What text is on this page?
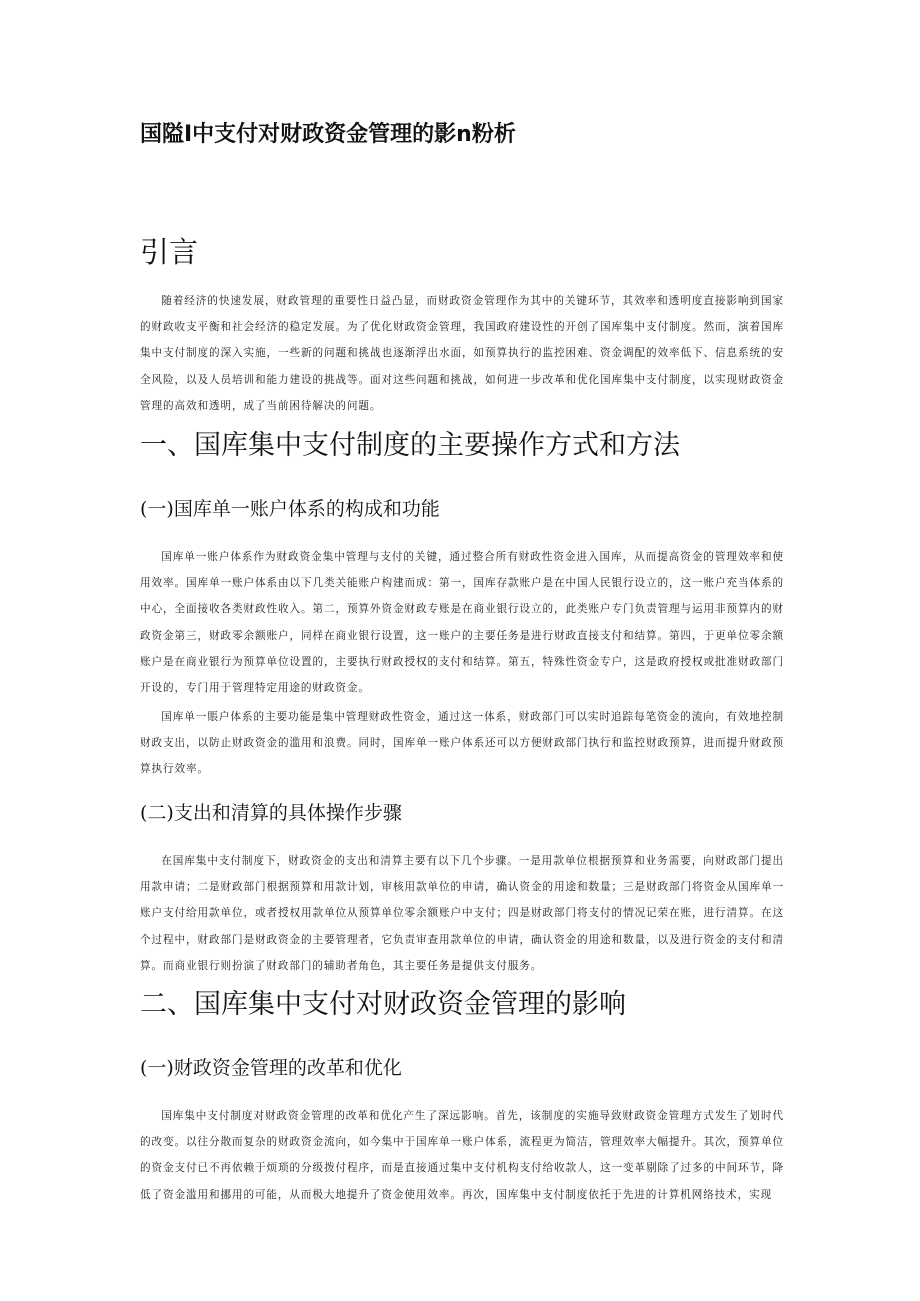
国隘Ⅰ中支付对财政资金管理的影n粉析
引言

随着经济的快速发展，财政管理的重要性日益凸显，而财政资金管理作为其中的关键环节，其效率和透明度直接影响到国家的财政收支平衡和社会经济的稳定发展。为了优化财政资金管理，我国政府建设性的开创了国库集中支付制度。然而，演着国库集中支付制度的深入实施，一些新的问题和挑战也逐渐浮出水面，如预算执行的监控困难、资金调配的效率低下、信息系统的安全风险，以及人员培训和能力建设的挑战等。面对这些问题和挑战，如何进一步改革和优化国库集中支付制度，以实现财政资金管理的高效和透明，成了当前困待解决的问题。

一、国库集中支付制度的主要操作方式和方法
(一)国库单一账户体系的构成和功能

国库单一账户体系作为财政资金集中管理与支付的关键，通过整合所有财政性资金进入国库，从而提高资金的管理效率和使用效率。国库单一账户体系由以下几类关能账户构建而成：第一，国库存款账户是在中国人民银行设立的，这一账户充当体系的中心，全面接收各类财政性收入。第二，预算外资金财政专账是在商业银行设立的，此类账户专门负责管理与运用非预算内的财政资金第三，财政零余额账户，同样在商业银行设置，这一账户的主要任务是进行财政直接支付和结算。第四，于更单位零余额账户是在商业银行为预算单位设置的，主要执行财政授权的支付和结算。第五，特殊性资金专户，这是政府授权或批准财政部门开设的，专门用于管理特定用途的财政资金。

国库单一賬户体系的主要功能是集中管理财政性资金，通过这一体系，财政部门可以实时追踪每笔资金的流向，有效地控制财政支出，以防止财政资金的滥用和浪费。同时，国库单一账户体系还可以方便财政部门执行和监控财政预算，进而提升财政预算执行效率。

(二)支出和清算的具体操作步骤

在国库集中支付制度下，财政资金的支出和清算主要有以下几个步骤。一是用款单位根据预算和业务需要，向财政部门提出用款申请；二是财政部门根据预算和用款计划，审核用款单位的申请，确认资金的用途和数量；三是财政部门将资金从国库单一账户支付给用款单位，或者授权用款单位从预算单位零余额账户中支付；四是财政部门将支付的情况记荣在账，进行清算。在这个过程中，财政部门是财政资金的主要管理者，它负责审查用款单位的申请，确认资金的用途和数量，以及进行资金的支付和清算。而商业银行则扮演了财政部门的辅助者角色，其主要任务是提供支付服务。

二、国库集中支付对财政资金管理的影响
(一)财政资金管理的改革和优化

国库集中支付制度对财政资金管理的改革和优化产生了深远影响。首先，该制度的实施导致财政资金管理方式发生了划时代的改变。以往分散而复杂的财政资金流向，如今集中于国库单一账户体系，流程更为简洁，管理效率大幅提升。其次，预算单位的资金支付已不再依赖于烦琐的分级拨付程序，而是直接通过集中支付机构支付给收款人，这一变革剔除了过多的中间环节，降低了资金滥用和挪用的可能，从而极大地提升了资金使用效率。再次，国库集中支付制度依托于先进的计算机网络技术，实现
